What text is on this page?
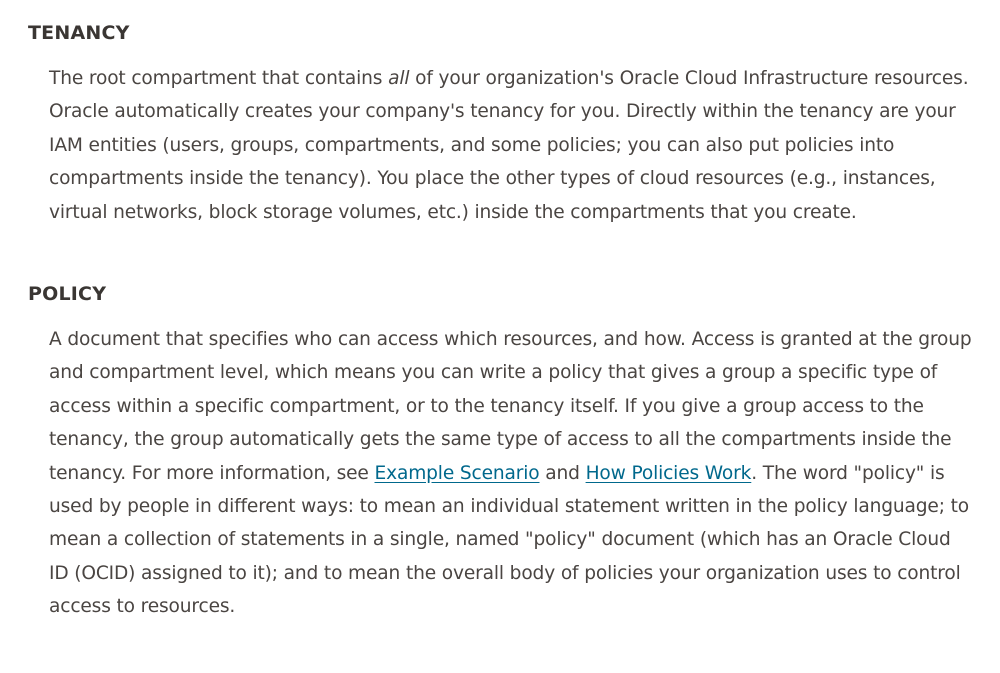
TENANCY

The root compartment that contains all of your organization's Oracle Cloud Infrastructure resources. Oracle automatically creates your company's tenancy for you. Directly within the tenancy are your IAM entities (users, groups, compartments, and some policies; you can also put policies into compartments inside the tenancy). You place the other types of cloud resources (e.g., instances, virtual networks, block storage volumes, etc.) inside the compartments that you create.

POLICY

A document that specifies who can access which resources, and how. Access is granted at the group and compartment level, which means you can write a policy that gives a group a specific type of access within a specific compartment, or to the tenancy itself. If you give a group access to the tenancy, the group automatically gets the same type of access to all the compartments inside the tenancy. For more information, see Example Scenario and How Policies Work. The word "policy" is used by people in different ways: to mean an individual statement written in the policy language; to mean a collection of statements in a single, named "policy" document (which has an Oracle Cloud ID (OCID) assigned to it); and to mean the overall body of policies your organization uses to control access to resources.
